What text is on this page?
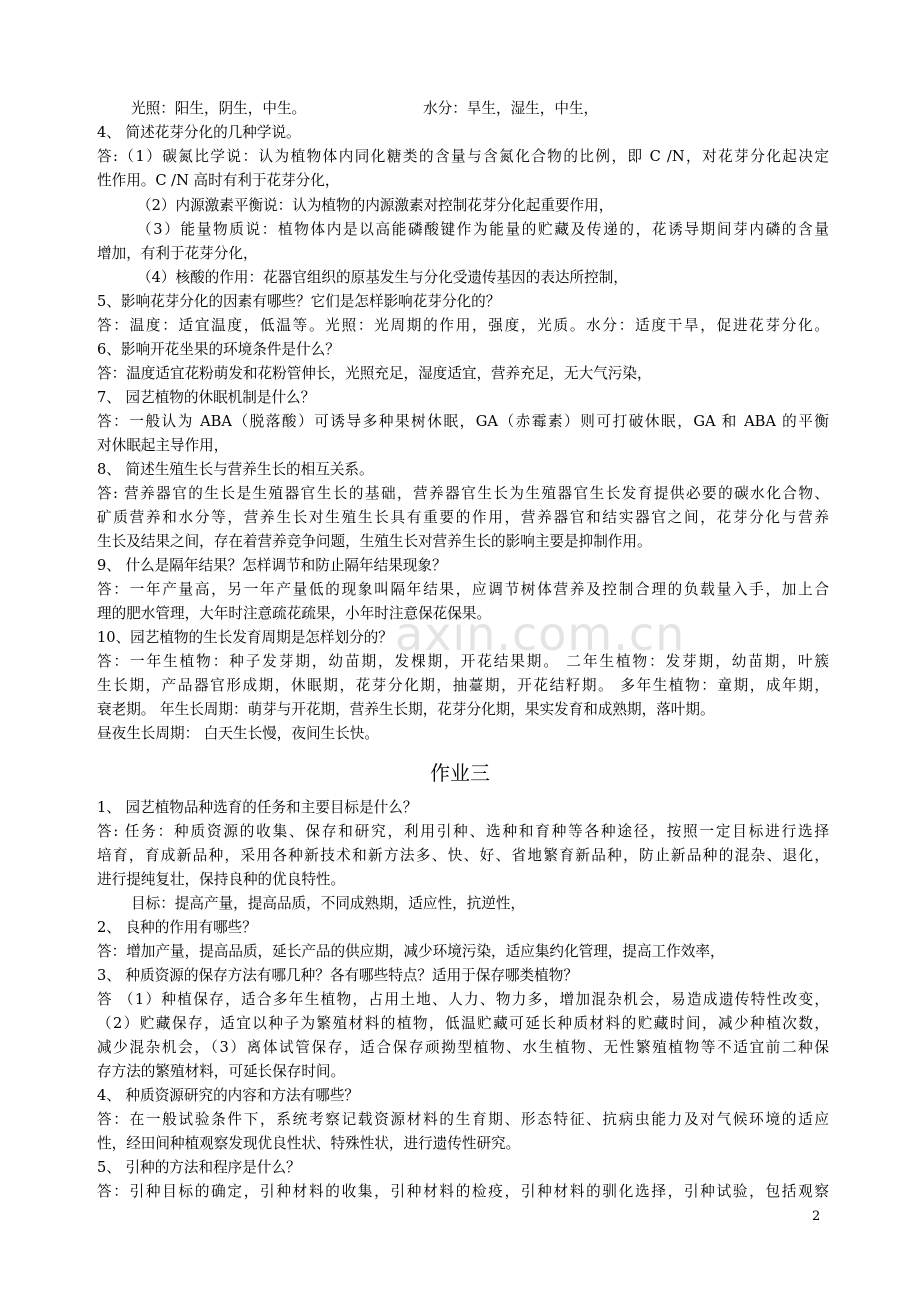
axin.com.cn
光照：阳生，阴生，中生。	水分：旱生，湿生，中生，
4、 简述花芽分化的几种学说。
答:（1）碳氮比学说：认为植物体内同化糖类的含量与含氮化合物的比例，即 C /N，对花芽分化起决定
性作用。C /N 高时有利于花芽分化，
（2）内源激素平衡说：认为植物的内源激素对控制花芽分化起重要作用，
（3）能量物质说：植物体内是以高能磷酸键作为能量的贮藏及传递的，花诱导期间芽内磷的含量
增加，有利于花芽分化，
（4）核酸的作用：花器官组织的原基发生与分化受遗传基因的表达所控制，
5、影响花芽分化的因素有哪些？它们是怎样影响花芽分化的？
答：温度：适宜温度，低温等。光照：光周期的作用，强度，光质。水分：适度干旱，促进花芽分化。
6、影响开花坐果的环境条件是什么？
答：温度适宜花粉萌发和花粉管伸长，光照充足，湿度适宜，营养充足，无大气污染，
7、 园艺植物的休眠机制是什么？
答：一般认为 ABA（脱落酸）可诱导多种果树休眠，GA（赤霉素）则可打破休眠，GA 和 ABA 的平衡
对休眠起主导作用，
8、 简述生殖生长与营养生长的相互关系。
答: 营养器官的生长是生殖器官生长的基础，营养器官生长为生殖器官生长发育提供必要的碳水化合物、
矿质营养和水分等，营养生长对生殖生长具有重要的作用，营养器官和结实器官之间，花芽分化与营养
生长及结果之间，存在着营养竞争问题，生殖生长对营养生长的影响主要是抑制作用。
9、 什么是隔年结果？怎样调节和防止隔年结果现象？
答：一年产量高，另一年产量低的现象叫隔年结果，应调节树体营养及控制合理的负载量入手，加上合
理的肥水管理，大年时注意疏花疏果，小年时注意保花保果。
10、园艺植物的生长发育周期是怎样划分的？
答：一年生植物：种子发芽期，幼苗期，发棵期，开花结果期。 二年生植物：发芽期，幼苗期，叶簇
生长期，产品器官形成期，休眠期，花芽分化期，抽薹期，开花结籽期。 多年生植物：童期，成年期，
衰老期。 年生长周期：萌芽与开花期，营养生长期，花芽分化期，果实发育和成熟期，落叶期。
昼夜生长周期： 白天生长慢，夜间生长快。
作业三
1、 园艺植物品种选育的任务和主要目标是什么？
答: 任务：种质资源的收集、保存和研究，利用引种、选种和育种等各种途径，按照一定目标进行选择
培育，育成新品种，采用各种新技术和新方法多、快、好、省地繁育新品种，防止新品种的混杂、退化，
进行提纯复壮，保持良种的优良特性。
目标：提高产量，提高品质，不同成熟期，适应性，抗逆性，
2、 良种的作用有哪些？
答：增加产量，提高品质，延长产品的供应期，减少环境污染，适应集约化管理，提高工作效率，
3、 种质资源的保存方法有哪几种？各有哪些特点？适用于保存哪类植物？
答 （1）种植保存，适合多年生植物，占用土地、人力、物力多，增加混杂机会，易造成遗传特性改变，
（2）贮藏保存，适宜以种子为繁殖材料的植物，低温贮藏可延长种质材料的贮藏时间，减少种植次数，
减少混杂机会，（3）离体试管保存，适合保存顽拗型植物、水生植物、无性繁殖植物等不适宜前二种保
存方法的繁殖材料，可延长保存时间。
4、 种质资源研究的内容和方法有哪些？
答：在一般试验条件下，系统考察记载资源材料的生育期、形态特征、抗病虫能力及对气候环境的适应
性，经田间种植观察发现优良性状、特殊性状，进行遗传性研究。
5、 引种的方法和程序是什么？
答：引种目标的确定，引种材料的收集，引种材料的检疫，引种材料的驯化选择，引种试验，包括观察
2
